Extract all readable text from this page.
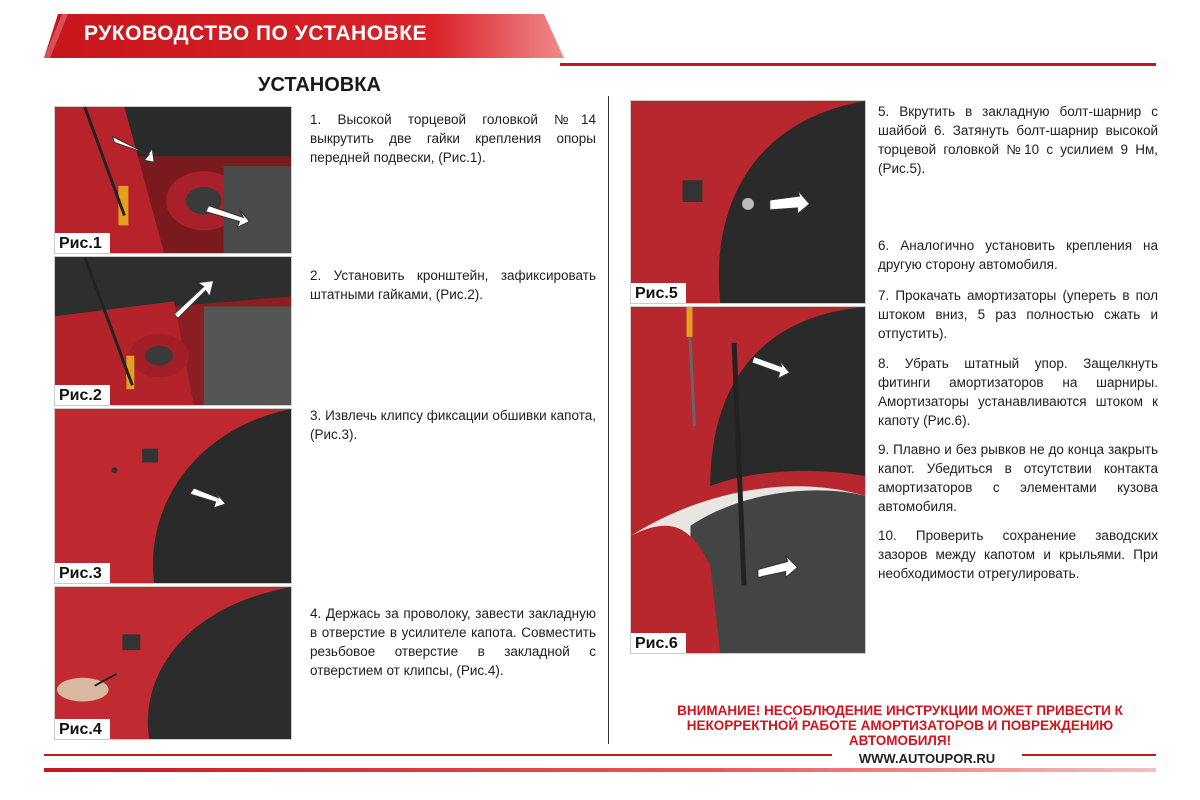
РУКОВОДСТВО ПО УСТАНОВКЕ
УСТАНОВКА
Рис.1
Рис.2
Рис.3
Рис.4
1. Высокой торцевой головкой №14 выкрутить две гайки крепления опоры передней подвески, (Рис.1).
2. Установить кронштейн, зафиксировать штатными гайками, (Рис.2).
3. Извлечь клипсу фиксации обшивки капота, (Рис.3).
4. Держась за проволоку, завести закладную в отверстие в усилителе капота. Совместить резьбовое отверстие в закладной с отверстием от клипсы, (Рис.4).
Рис.5
Рис.6
5. Вкрутить в закладную болт-шарнир с шайбой 6. Затянуть болт-шарнир высокой торцевой головкой №10 с усилием 9 Нм, (Рис.5).
6. Аналогично установить крепления на другую сторону автомобиля.
7. Прокачать амортизаторы (упереть в пол штоком вниз, 5 раз полностью сжать и отпустить).
8. Убрать штатный упор. Защелкнуть фитинги амортизаторов на шарниры. Амортизаторы устанавливаются штоком к капоту (Рис.6).
9. Плавно и без рывков не до конца закрыть капот. Убедиться в отсутствии контакта амортизаторов с элементами кузова автомобиля.
10. Проверить сохранение заводских зазоров между капотом и крыльями. При необходимости отрегулировать.
ВНИМАНИЕ! НЕСОБЛЮДЕНИЕ ИНСТРУКЦИИ МОЖЕТ ПРИВЕСТИ К НЕКОРРЕКТНОЙ РАБОТЕ АМОРТИЗАТОРОВ И ПОВРЕЖДЕНИЮ АВТОМОБИЛЯ!
WWW.AUTOUPOR.RU
